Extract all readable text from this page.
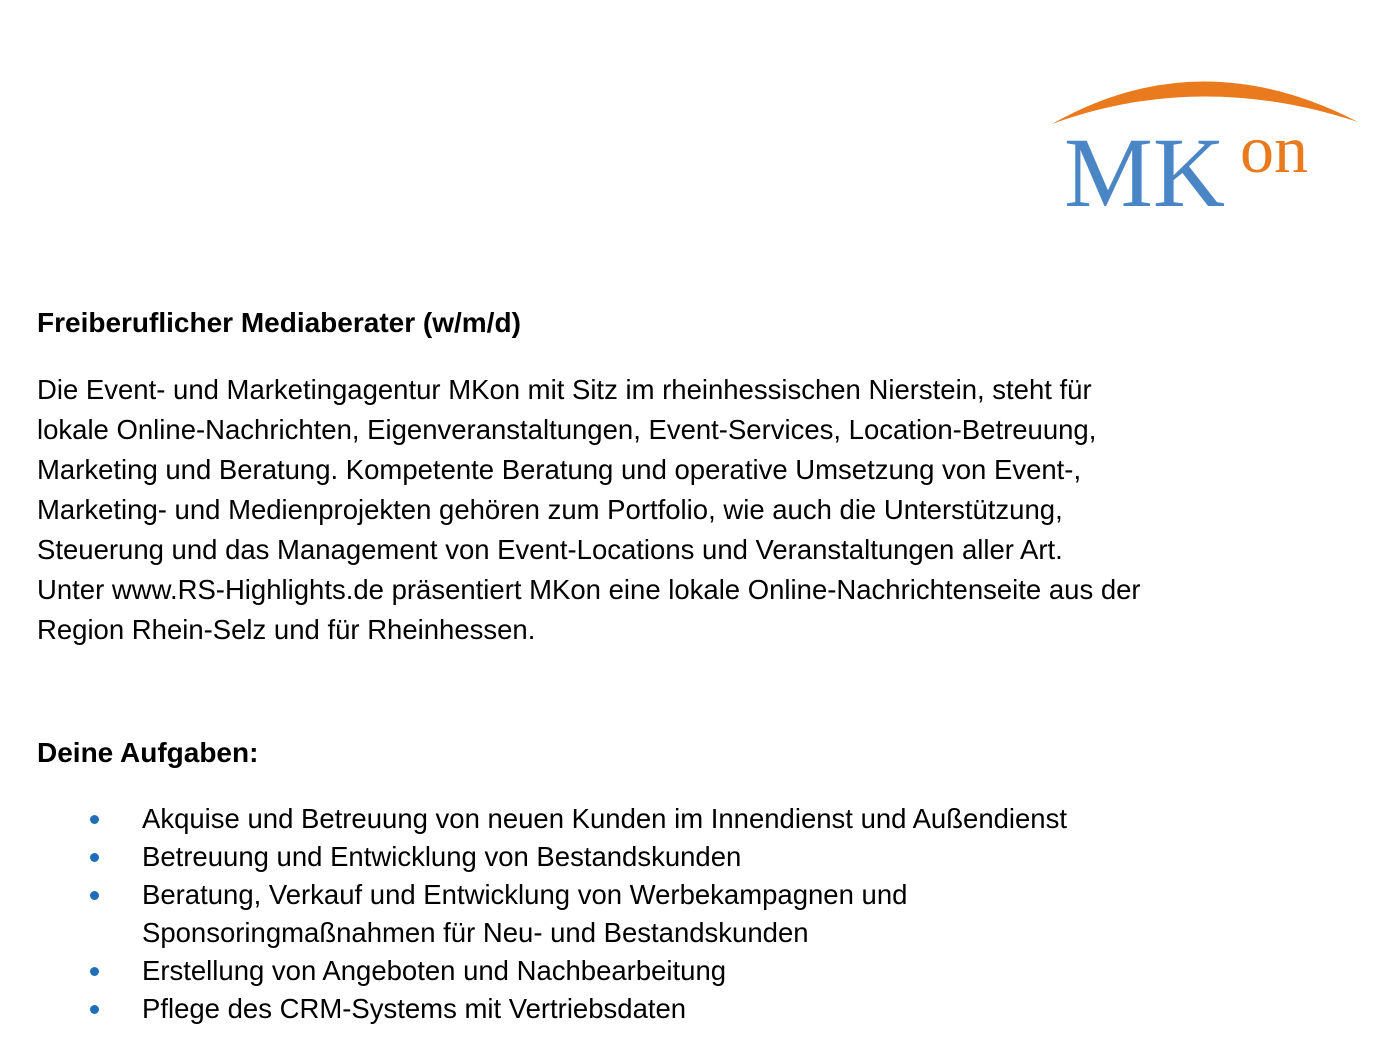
MK on
Freiberuflicher Mediaberater (w/m/d)

Die Event- und Marketingagentur MKon mit Sitz im rheinhessischen Nierstein, steht für
lokale Online-Nachrichten, Eigenveranstaltungen, Event-Services, Location-Betreuung,
Marketing und Beratung. Kompetente Beratung und operative Umsetzung von Event-,
Marketing- und Medienprojekten gehören zum Portfolio, wie auch die Unterstützung,
Steuerung und das Management von Event-Locations und Veranstaltungen aller Art.
Unter www.RS-Highlights.de präsentiert MKon eine lokale Online-Nachrichtenseite aus der
Region Rhein-Selz und für Rheinhessen.

Deine Aufgaben:
Akquise und Betreuung von neuen Kunden im Innendienst und Außendienst
Betreuung und Entwicklung von Bestandskunden
Beratung, Verkauf und Entwicklung von Werbekampagnen und
Sponsoringmaßnahmen für Neu- und Bestandskunden
Erstellung von Angeboten und Nachbearbeitung
Pflege des CRM-Systems mit Vertriebsdaten
